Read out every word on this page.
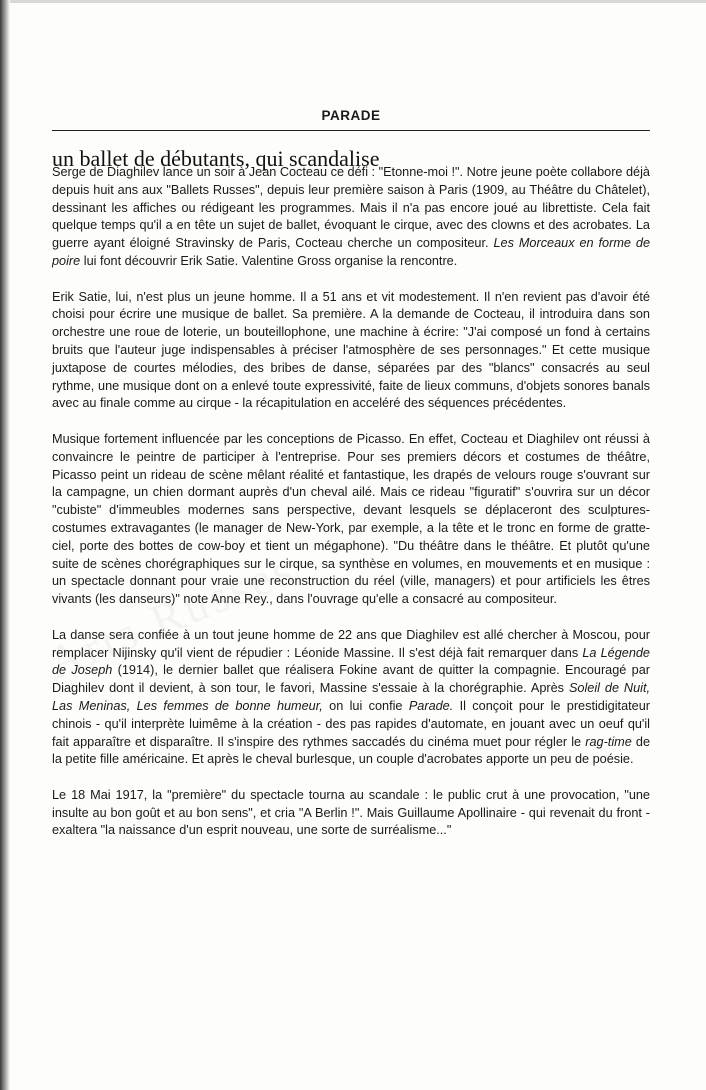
PARADE
un ballet de débutants, qui scandalise

Serge de Diaghilev lance un soir à Jean Cocteau ce défi : "Etonne-moi !". Notre jeune poète collabore déjà depuis huit ans aux "Ballets Russes", depuis leur première saison à Paris (1909, au Théâtre du Châtelet), dessinant les affiches ou rédigeant les programmes. Mais il n'a pas encore joué au librettiste. Cela fait quelque temps qu'il a en tête un sujet de ballet, évoquant le cirque, avec des clowns et des acrobates. La guerre ayant éloigné Stravinsky de Paris, Cocteau cherche un compositeur. Les Morceaux en forme de poire lui font découvrir Erik Satie. Valentine Gross organise la rencontre.

Erik Satie, lui, n'est plus un jeune homme. Il a 51 ans et vit modestement. Il n'en revient pas d'avoir été choisi pour écrire une musique de ballet. Sa première. A la demande de Cocteau, il introduira dans son orchestre une roue de loterie, un bouteillophone, une machine à écrire: "J'ai composé un fond à certains bruits que l'auteur juge indispensables à préciser l'atmosphère de ses personnages." Et cette musique juxtapose de courtes mélodies, des bribes de danse, séparées par des "blancs" consacrés au seul rythme, une musique dont on a enlevé toute expressivité, faite de lieux communs, d'objets sonores banals avec au finale comme au cirque - la récapitulation en acceléré des séquences précédentes.

Musique fortement influencée par les conceptions de Picasso. En effet, Cocteau et Diaghilev ont réussi à convaincre le peintre de participer à l'entreprise. Pour ses premiers décors et costumes de théâtre, Picasso peint un rideau de scène mêlant réalité et fantastique, les drapés de velours rouge s'ouvrant sur la campagne, un chien dormant auprès d'un cheval ailé. Mais ce rideau "figuratif" s'ouvrira sur un décor "cubiste" d'immeubles modernes sans perspective, devant lesquels se déplaceront des sculptures-costumes extravagantes (le manager de New-York, par exemple, a la tête et le tronc en forme de gratte-ciel, porte des bottes de cow-boy et tient un mégaphone). "Du théâtre dans le théâtre. Et plutôt qu'une suite de scènes chorégraphiques sur le cirque, sa synthèse en volumes, en mouvements et en musique : un spectacle donnant pour vraie une reconstruction du réel (ville, managers) et pour artificiels les êtres vivants (les danseurs)" note Anne Rey., dans l'ouvrage qu'elle a consacré au compositeur.

La danse sera confiée à un tout jeune homme de 22 ans que Diaghilev est allé chercher à Moscou, pour remplacer Nijinsky qu'il vient de répudier : Léonide Massine. Il s'est déjà fait remarquer dans La Légende de Joseph (1914), le dernier ballet que réalisera Fokine avant de quitter la compagnie. Encouragé par Diaghilev dont il devient, à son tour, le favori, Massine s'essaie à la chorégraphie. Après Soleil de Nuit, Las Meninas, Les femmes de bonne humeur, on lui confie Parade. Il conçoit pour le prestidigitateur chinois - qu'il interprète luimême à la création - des pas rapides d'automate, en jouant avec un oeuf qu'il fait apparaître et disparaître. Il s'inspire des rythmes saccadés du cinéma muet pour régler le rag-time de la petite fille américaine. Et après le cheval burlesque, un couple d'acrobates apporte un peu de poésie.

Le 18 Mai 1917, la "première" du spectacle tourna au scandale : le public crut à une provocation, "une insulte au bon goût et au bon sens", et cria "A Berlin !". Mais Guillaume Apollinaire - qui revenait du front - exaltera "la naissance d'un esprit nouveau, une sorte de surréalisme..."
